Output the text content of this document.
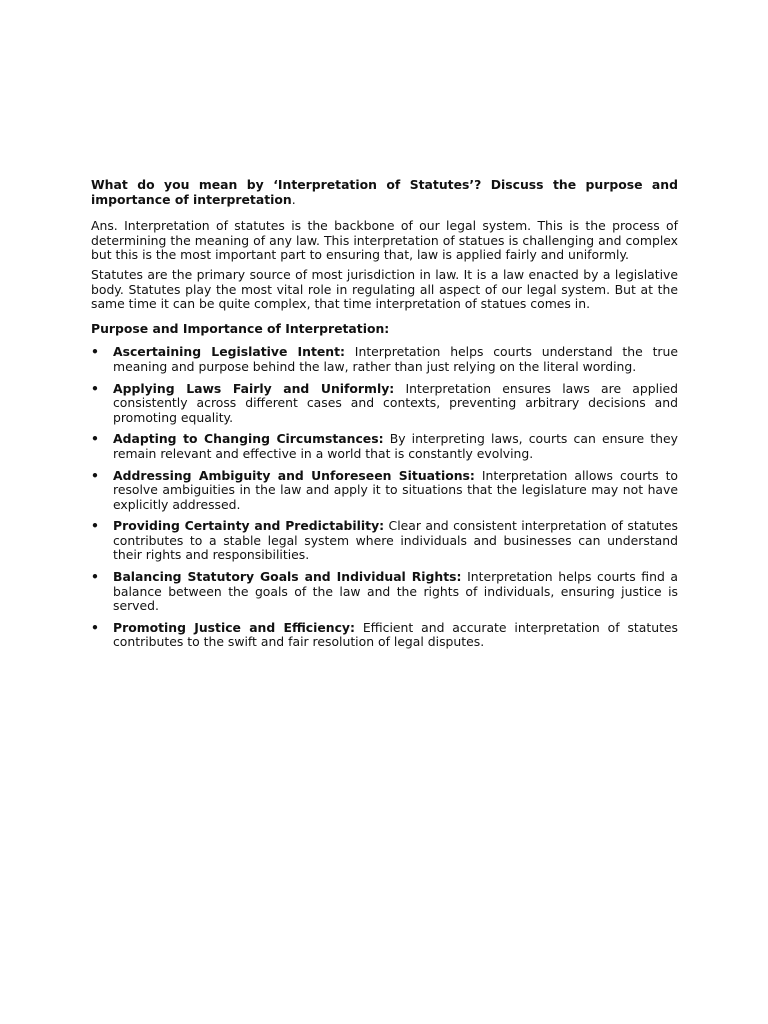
What do you mean by ‘Interpretation of Statutes’? Discuss the purpose and importance of interpretation.

Ans. Interpretation of statutes is the backbone of our legal system. This is the process of determining the meaning of any law. This interpretation of statues is challenging and complex but this is the most important part to ensuring that, law is applied fairly and uniformly.

Statutes are the primary source of most jurisdiction in law. It is a law enacted by a legislative body. Statutes play the most vital role in regulating all aspect of our legal system. But at the same time it can be quite complex, that time interpretation of statues comes in.

Purpose and Importance of Interpretation:

• Ascertaining Legislative Intent: Interpretation helps courts understand the true meaning and purpose behind the law, rather than just relying on the literal wording.
• Applying Laws Fairly and Uniformly: Interpretation ensures laws are applied consistently across different cases and contexts, preventing arbitrary decisions and promoting equality.
• Adapting to Changing Circumstances: By interpreting laws, courts can ensure they remain relevant and effective in a world that is constantly evolving.
• Addressing Ambiguity and Unforeseen Situations: Interpretation allows courts to resolve ambiguities in the law and apply it to situations that the legislature may not have explicitly addressed.
• Providing Certainty and Predictability: Clear and consistent interpretation of statutes contributes to a stable legal system where individuals and businesses can understand their rights and responsibilities.
• Balancing Statutory Goals and Individual Rights: Interpretation helps courts find a balance between the goals of the law and the rights of individuals, ensuring justice is served.
• Promoting Justice and Efficiency: Efficient and accurate interpretation of statutes contributes to the swift and fair resolution of legal disputes.
